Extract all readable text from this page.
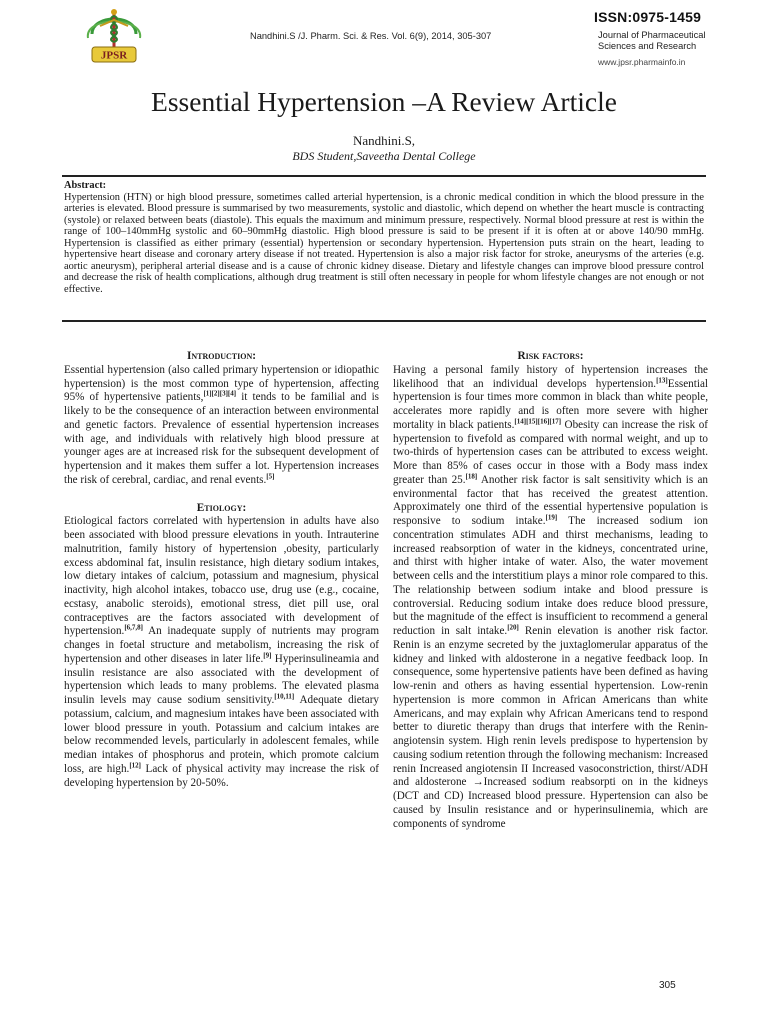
JPSR
Nandhini.S /J. Pharm. Sci. & Res. Vol. 6(9), 2014, 305-307
ISSN:0975-1459
Journal of Pharmaceutical
Sciences and Research
www.jpsr.pharmainfo.in
Essential Hypertension –A Review Article
Nandhini.S,
BDS Student,Saveetha Dental College
Abstract:
Hypertension (HTN) or high blood pressure, sometimes called arterial hypertension, is a chronic medical condition in which the blood pressure in the arteries is elevated. Blood pressure is summarised by two measurements, systolic and diastolic, which depend on whether the heart muscle is contracting (systole) or relaxed between beats (diastole). This equals the maximum and minimum pressure, respectively. Normal blood pressure at rest is within the range of 100–140mmHg systolic and 60–90mmHg diastolic. High blood pressure is said to be present if it is often at or above 140/90 mmHg. Hypertension is classified as either primary (essential) hypertension or secondary hypertension. Hypertension puts strain on the heart, leading to hypertensive heart disease and coronary artery disease if not treated. Hypertension is also a major risk factor for stroke, aneurysms of the arteries (e.g. aortic aneurysm), peripheral arterial disease and is a cause of chronic kidney disease. Dietary and lifestyle changes can improve blood pressure control and decrease the risk of health complications, although drug treatment is still often necessary in people for whom lifestyle changes are not enough or not effective.
Introduction:

Essential hypertension (also called primary hypertension or idiopathic hypertension) is the most common type of hypertension, affecting 95% of hypertensive patients,[1][2][3][4] it tends to be familial and is likely to be the consequence of an interaction between environmental and genetic factors. Prevalence of essential hypertension increases with age, and individuals with relatively high blood pressure at younger ages are at increased risk for the subsequent development of hypertension and it makes them suffer a lot. Hypertension increases the risk of cerebral, cardiac, and renal events.[5]

Etiology:

Etiological factors correlated with hypertension in adults have also been associated with blood pressure elevations in youth. Intrauterine malnutrition, family history of hypertension ,obesity, particularly excess abdominal fat, insulin resistance, high dietary sodium intakes, low dietary intakes of calcium, potassium and magnesium, physical inactivity, high alcohol intakes, tobacco use, drug use (e.g., cocaine, ecstasy, anabolic steroids), emotional stress, diet pill use, oral contraceptives are the factors associated with development of hypertension.[6,7,8] An inadequate supply of nutrients may program changes in foetal structure and metabolism, increasing the risk of hypertension and other diseases in later life.[9] Hyperinsulineamia and insulin resistance are also associated with the development of hypertension which leads to many problems. The elevated plasma insulin levels may cause sodium sensitivity.[10,11] Adequate dietary potassium, calcium, and magnesium intakes have been associated with lower blood pressure in youth. Potassium and calcium intakes are below recommended levels, particularly in adolescent females, while median intakes of phosphorus and protein, which promote calcium loss, are high.[12] Lack of physical activity may increase the risk of developing hypertension by 20-50%.

Risk factors:

Having a personal family history of hypertension increases the likelihood that an individual develops hypertension.[13]Essential hypertension is four times more common in black than white people, accelerates more rapidly and is often more severe with higher mortality in black patients.[14][15][16][17] Obesity can increase the risk of hypertension to fivefold as compared with normal weight, and up to two-thirds of hypertension cases can be attributed to excess weight. More than 85% of cases occur in those with a Body mass index greater than 25.[18] Another risk factor is salt sensitivity which is an environmental factor that has received the greatest attention. Approximately one third of the essential hypertensive population is responsive to sodium intake.[19] The increased sodium ion concentration stimulates ADH and thirst mechanisms, leading to increased reabsorption of water in the kidneys, concentrated urine, and thirst with higher intake of water. Also, the water movement between cells and the interstitium plays a minor role compared to this. The relationship between sodium intake and blood pressure is controversial. Reducing sodium intake does reduce blood pressure, but the magnitude of the effect is insufficient to recommend a general reduction in salt intake.[20] Renin elevation is another risk factor. Renin is an enzyme secreted by the juxtaglomerular apparatus of the kidney and linked with aldosterone in a negative feedback loop. In consequence, some hypertensive patients have been defined as having low-renin and others as having essential hypertension. Low-renin hypertension is more common in African Americans than white Americans, and may explain why African Americans tend to respond better to diuretic therapy than drugs that interfere with the Renin-angiotensin system. High renin levels predispose to hypertension by causing sodium retention through the following mechanism: Increased renin Increased angiotensin II Increased vasoconstriction, thirst/ADH and aldosterone →Increased sodium reabsorpti on in the kidneys (DCT and CD) Increased blood pressure. Hypertension can also be caused by Insulin resistance and or hyperinsulinemia, which are components of syndrome

305
